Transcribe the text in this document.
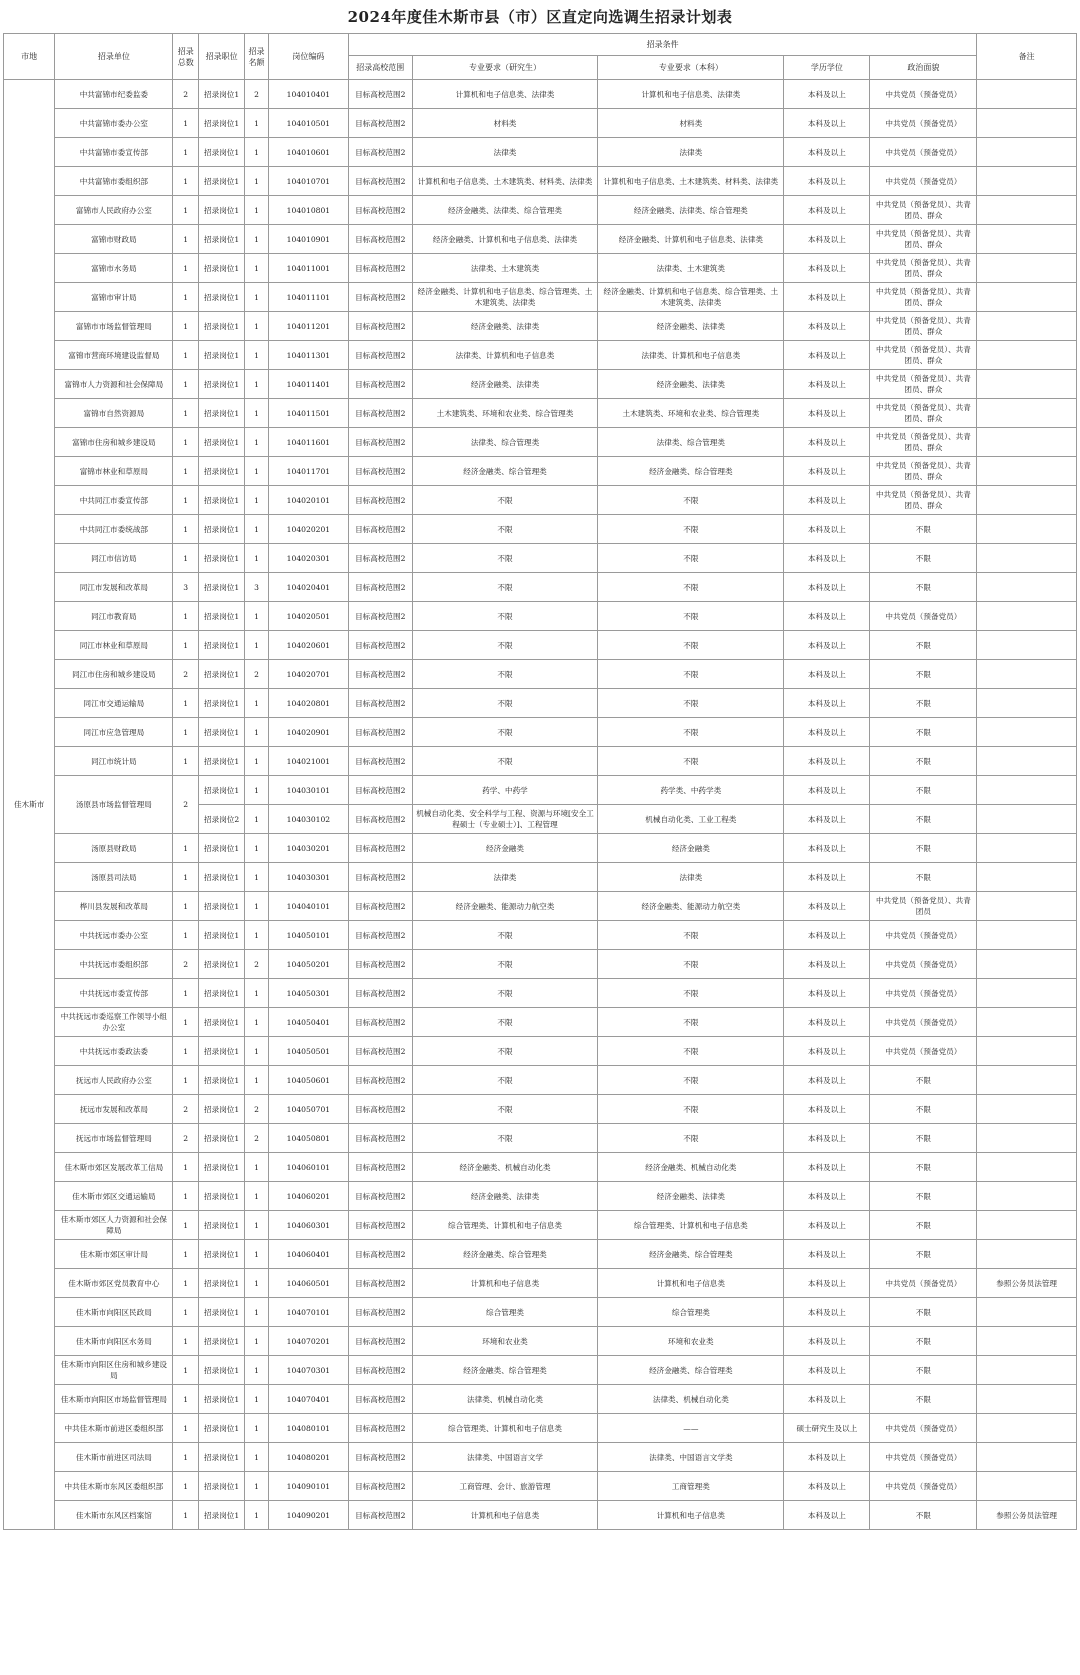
2024年度佳木斯市县（市）区直定向选调生招录计划表
市地	招录单位	招录总数	招录职位	招录名额	岗位编码	招录条件					备注
						招录高校范围	专业要求（研究生）	专业要求（本科）	学历学位	政治面貌	
佳木斯市	中共富锦市纪委监委	2	招录岗位1	2	104010401	目标高校范围2	计算机和电子信息类、法律类	计算机和电子信息类、法律类	本科及以上	中共党员（预备党员）	
	中共富锦市委办公室	1	招录岗位1	1	104010501	目标高校范围2	材料类	材料类	本科及以上	中共党员（预备党员）	
	中共富锦市委宣传部	1	招录岗位1	1	104010601	目标高校范围2	法律类	法律类	本科及以上	中共党员（预备党员）	
	中共富锦市委组织部	1	招录岗位1	1	104010701	目标高校范围2	计算机和电子信息类、土木建筑类、材料类、法律类	计算机和电子信息类、土木建筑类、材料类、法律类	本科及以上	中共党员（预备党员）	
	富锦市人民政府办公室	1	招录岗位1	1	104010801	目标高校范围2	经济金融类、法律类、综合管理类	经济金融类、法律类、综合管理类	本科及以上	中共党员（预备党员）、共青团员、群众	
	富锦市财政局	1	招录岗位1	1	104010901	目标高校范围2	经济金融类、计算机和电子信息类、法律类	经济金融类、计算机和电子信息类、法律类	本科及以上	中共党员（预备党员）、共青团员、群众	
	富锦市水务局	1	招录岗位1	1	104011001	目标高校范围2	法律类、土木建筑类	法律类、土木建筑类	本科及以上	中共党员（预备党员）、共青团员、群众	
	富锦市审计局	1	招录岗位1	1	104011101	目标高校范围2	经济金融类、计算机和电子信息类、综合管理类、土木建筑类、法律类	经济金融类、计算机和电子信息类、综合管理类、土木建筑类、法律类	本科及以上	中共党员（预备党员）、共青团员、群众	
	富锦市市场监督管理局	1	招录岗位1	1	104011201	目标高校范围2	经济金融类、法律类	经济金融类、法律类	本科及以上	中共党员（预备党员）、共青团员、群众	
	富锦市营商环境建设监督局	1	招录岗位1	1	104011301	目标高校范围2	法律类、计算机和电子信息类	法律类、计算机和电子信息类	本科及以上	中共党员（预备党员）、共青团员、群众	
	富锦市人力资源和社会保障局	1	招录岗位1	1	104011401	目标高校范围2	经济金融类、法律类	经济金融类、法律类	本科及以上	中共党员（预备党员）、共青团员、群众	
	富锦市自然资源局	1	招录岗位1	1	104011501	目标高校范围2	土木建筑类、环境和农业类、综合管理类	土木建筑类、环境和农业类、综合管理类	本科及以上	中共党员（预备党员）、共青团员、群众	
	富锦市住房和城乡建设局	1	招录岗位1	1	104011601	目标高校范围2	法律类、综合管理类	法律类、综合管理类	本科及以上	中共党员（预备党员）、共青团员、群众	
	富锦市林业和草原局	1	招录岗位1	1	104011701	目标高校范围2	经济金融类、综合管理类	经济金融类、综合管理类	本科及以上	中共党员（预备党员）、共青团员、群众	
	中共同江市委宣传部	1	招录岗位1	1	104020101	目标高校范围2	不限	不限	本科及以上	中共党员（预备党员）、共青团员、群众	
	中共同江市委统战部	1	招录岗位1	1	104020201	目标高校范围2	不限	不限	本科及以上	不限	
	同江市信访局	1	招录岗位1	1	104020301	目标高校范围2	不限	不限	本科及以上	不限	
	同江市发展和改革局	3	招录岗位1	3	104020401	目标高校范围2	不限	不限	本科及以上	不限	
	同江市教育局	1	招录岗位1	1	104020501	目标高校范围2	不限	不限	本科及以上	中共党员（预备党员）	
	同江市林业和草原局	1	招录岗位1	1	104020601	目标高校范围2	不限	不限	本科及以上	不限	
	同江市住房和城乡建设局	2	招录岗位1	2	104020701	目标高校范围2	不限	不限	本科及以上	不限	
	同江市交通运输局	1	招录岗位1	1	104020801	目标高校范围2	不限	不限	本科及以上	不限	
	同江市应急管理局	1	招录岗位1	1	104020901	目标高校范围2	不限	不限	本科及以上	不限	
	同江市统计局	1	招录岗位1	1	104021001	目标高校范围2	不限	不限	本科及以上	不限	
	汤原县市场监督管理局	2	招录岗位1	1	104030101	目标高校范围2	药学、中药学	药学类、中药学类	本科及以上	不限	
			招录岗位2	1	104030102	目标高校范围2	机械自动化类、安全科学与工程、资源与环境[安全工程硕士（专业硕士）]、工程管理	机械自动化类、工业工程类	本科及以上	不限	
	汤原县财政局	1	招录岗位1	1	104030201	目标高校范围2	经济金融类	经济金融类	本科及以上	不限	
	汤原县司法局	1	招录岗位1	1	104030301	目标高校范围2	法律类	法律类	本科及以上	不限	
	桦川县发展和改革局	1	招录岗位1	1	104040101	目标高校范围2	经济金融类、能源动力航空类	经济金融类、能源动力航空类	本科及以上	中共党员（预备党员）、共青团员	
	中共抚远市委办公室	1	招录岗位1	1	104050101	目标高校范围2	不限	不限	本科及以上	中共党员（预备党员）	
	中共抚远市委组织部	2	招录岗位1	2	104050201	目标高校范围2	不限	不限	本科及以上	中共党员（预备党员）	
	中共抚远市委宣传部	1	招录岗位1	1	104050301	目标高校范围2	不限	不限	本科及以上	中共党员（预备党员）	
	中共抚远市委巡察工作领导小组办公室	1	招录岗位1	1	104050401	目标高校范围2	不限	不限	本科及以上	中共党员（预备党员）	
	中共抚远市委政法委	1	招录岗位1	1	104050501	目标高校范围2	不限	不限	本科及以上	中共党员（预备党员）	
	抚远市人民政府办公室	1	招录岗位1	1	104050601	目标高校范围2	不限	不限	本科及以上	不限	
	抚远市发展和改革局	2	招录岗位1	2	104050701	目标高校范围2	不限	不限	本科及以上	不限	
	抚远市市场监督管理局	2	招录岗位1	2	104050801	目标高校范围2	不限	不限	本科及以上	不限	
	佳木斯市郊区发展改革工信局	1	招录岗位1	1	104060101	目标高校范围2	经济金融类、机械自动化类	经济金融类、机械自动化类	本科及以上	不限	
	佳木斯市郊区交通运输局	1	招录岗位1	1	104060201	目标高校范围2	经济金融类、法律类	经济金融类、法律类	本科及以上	不限	
	佳木斯市郊区人力资源和社会保障局	1	招录岗位1	1	104060301	目标高校范围2	综合管理类、计算机和电子信息类	综合管理类、计算机和电子信息类	本科及以上	不限	
	佳木斯市郊区审计局	1	招录岗位1	1	104060401	目标高校范围2	经济金融类、综合管理类	经济金融类、综合管理类	本科及以上	不限	
	佳木斯市郊区党员教育中心	1	招录岗位1	1	104060501	目标高校范围2	计算机和电子信息类	计算机和电子信息类	本科及以上	中共党员（预备党员）	参照公务员法管理
	佳木斯市向阳区民政局	1	招录岗位1	1	104070101	目标高校范围2	综合管理类	综合管理类	本科及以上	不限	
	佳木斯市向阳区水务局	1	招录岗位1	1	104070201	目标高校范围2	环境和农业类	环境和农业类	本科及以上	不限	
	佳木斯市向阳区住房和城乡建设局	1	招录岗位1	1	104070301	目标高校范围2	经济金融类、综合管理类	经济金融类、综合管理类	本科及以上	不限	
	佳木斯市向阳区市场监督管理局	1	招录岗位1	1	104070401	目标高校范围2	法律类、机械自动化类	法律类、机械自动化类	本科及以上	不限	
	中共佳木斯市前进区委组织部	1	招录岗位1	1	104080101	目标高校范围2	综合管理类、计算机和电子信息类	——	硕士研究生及以上	中共党员（预备党员）	
	佳木斯市前进区司法局	1	招录岗位1	1	104080201	目标高校范围2	法律类、中国语言文学	法律类、中国语言文学类	本科及以上	中共党员（预备党员）	
	中共佳木斯市东风区委组织部	1	招录岗位1	1	104090101	目标高校范围2	工商管理、会计、旅游管理	工商管理类	本科及以上	中共党员（预备党员）	
	佳木斯市东风区档案馆	1	招录岗位1	1	104090201	目标高校范围2	计算机和电子信息类	计算机和电子信息类	本科及以上	不限	参照公务员法管理
